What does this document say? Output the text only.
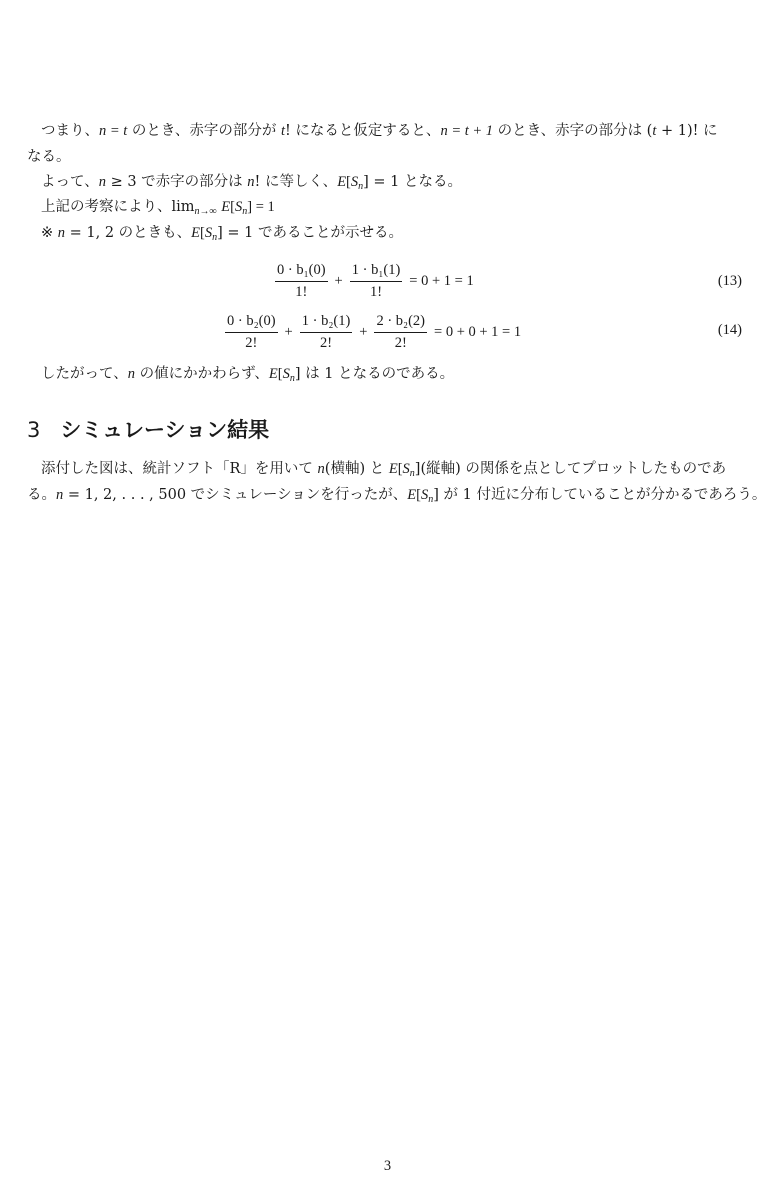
つまり、n = t のとき、赤字の部分が t! になると仮定すると、n = t + 1 のとき、赤字の部分は (t + 1)! に
なる。
よって、n ≥ 3 で赤字の部分は n! に等しく、$E[S_n] = 1$ となる。
上記の考察により、$\lim_{n\to\infty} E[S_n] = 1$
※ n = 1, 2 のときも、$E[S_n] = 1$ であることが示せる。
$\frac{\text{0 · b₁(0)}}{1!} + \frac{\text{1 · b₁(1)}}{1!} = 0 + 1 = 1$	(13)
$\frac{\text{0 · b₂(0)}}{2!} + \frac{\text{1 · b₂(1)}}{2!} + \frac{\text{2 · b₂(2)}}{2!} = 0 + 0 + 1 = 1$	(14)
したがって、n の値にかかわらず、$E[S_n]$ は 1 となるのである。
3 シミュレーション結果
添付した図は、統計ソフト「R」を用いて n(横軸) と $E[S_n]$(縦軸) の関係を点としてプロットしたものであ
る。n = 1, 2, . . . , 500 でシミュレーションを行ったが、$E[S_n]$ が 1 付近に分布していることが分かるであろう。
3
